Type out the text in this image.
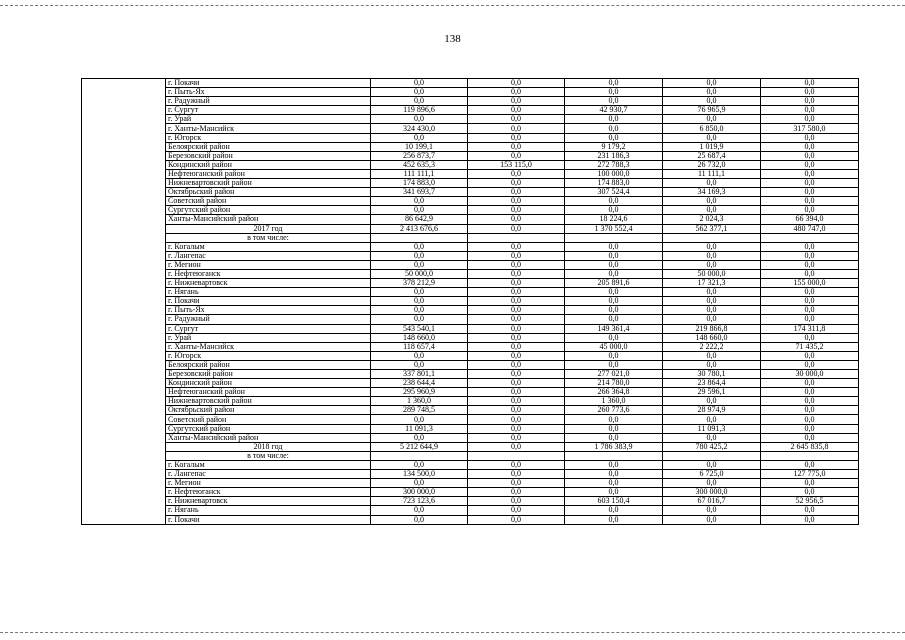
138
	г. Покачи	0,0	0,0	0,0	0,0	0,0
	г. Пыть-Ях	0,0	0,0	0,0	0,0	0,0
	г. Радужный	0,0	0,0	0,0	0,0	0,0
	г. Сургут	119 896,6	0,0	42 930,7	76 965,9	0,0
	г. Урай	0,0	0,0	0,0	0,0	0,0
	г. Ханты-Мансийск	324 430,0	0,0	0,0	6 850,0	317 580,0
	г. Югорск	0,0	0,0	0,0	0,0	0,0
	Белоярский район	10 199,1	0,0	9 179,2	1 019,9	0,0
	Березовский район	256 873,7	0,0	231 186,3	25 687,4	0,0
	Кондинский район	452 635,3	153 115,0	272 788,3	26 732,0	0,0
	Нефтеюганский район	111 111,1	0,0	100 000,0	11 111,1	0,0
	Нижневартовский район	174 883,0	0,0	174 883,0	0,0	0,0
	Октябрьский район	341 693,7	0,0	307 524,4	34 169,3	0,0
	Советский район	0,0	0,0	0,0	0,0	0,0
	Сургутский район	0,0	0,0	0,0	0,0	0,0
	Ханты-Мансийский район	86 642,9	0,0	18 224,6	2 024,3	66 394,0
	2017 год	2 413 676,6	0,0	1 370 552,4	562 377,1	480 747,0
	в том числе:					
	г. Когалым	0,0	0,0	0,0	0,0	0,0
	г. Лангепас	0,0	0,0	0,0	0,0	0,0
	г. Мегион	0,0	0,0	0,0	0,0	0,0
	г. Нефтеюганск	50 000,0	0,0	0,0	50 000,0	0,0
	г. Нижневартовск	378 212,9	0,0	205 891,6	17 321,3	155 000,0
	г. Нягань	0,0	0,0	0,0	0,0	0,0
	г. Покачи	0,0	0,0	0,0	0,0	0,0
	г. Пыть-Ях	0,0	0,0	0,0	0,0	0,0
	г. Радужный	0,0	0,0	0,0	0,0	0,0
	г. Сургут	543 540,1	0,0	149 361,4	219 866,8	174 311,8
	г. Урай	148 660,0	0,0	0,0	148 660,0	0,0
	г. Ханты-Мансийск	118 657,4	0,0	45 000,0	2 222,2	71 435,2
	г. Югорск	0,0	0,0	0,0	0,0	0,0
	Белоярский район	0,0	0,0	0,0	0,0	0,0
	Березовский район	337 801,1	0,0	277 021,0	30 780,1	30 000,0
	Кондинский район	238 644,4	0,0	214 780,0	23 864,4	0,0
	Нефтеюганский район	295 960,9	0,0	266 364,8	29 596,1	0,0
	Нижневартовский район	1 360,0	0,0	1 360,0	0,0	0,0
	Октябрьский район	289 748,5	0,0	260 773,6	28 974,9	0,0
	Советский район	0,0	0,0	0,0	0,0	0,0
	Сургутский район	11 091,3	0,0	0,0	11 091,3	0,0
	Ханты-Мансийский район	0,0	0,0	0,0	0,0	0,0
	2018 год	5 212 644,9	0,0	1 786 383,9	780 425,2	2 645 835,8
	в том числе:					
	г. Когалым	0,0	0,0	0,0	0,0	0,0
	г. Лангепас	134 500,0	0,0	0,0	6 725,0	127 775,0
	г. Мегион	0,0	0,0	0,0	0,0	0,0
	г. Нефтеюганск	300 000,0	0,0	0,0	300 000,0	0,0
	г. Нижневартовск	723 123,6	0,0	603 150,4	67 016,7	52 956,5
	г. Нягань	0,0	0,0	0,0	0,0	0,0
	г. Покачи	0,0	0,0	0,0	0,0	0,0
